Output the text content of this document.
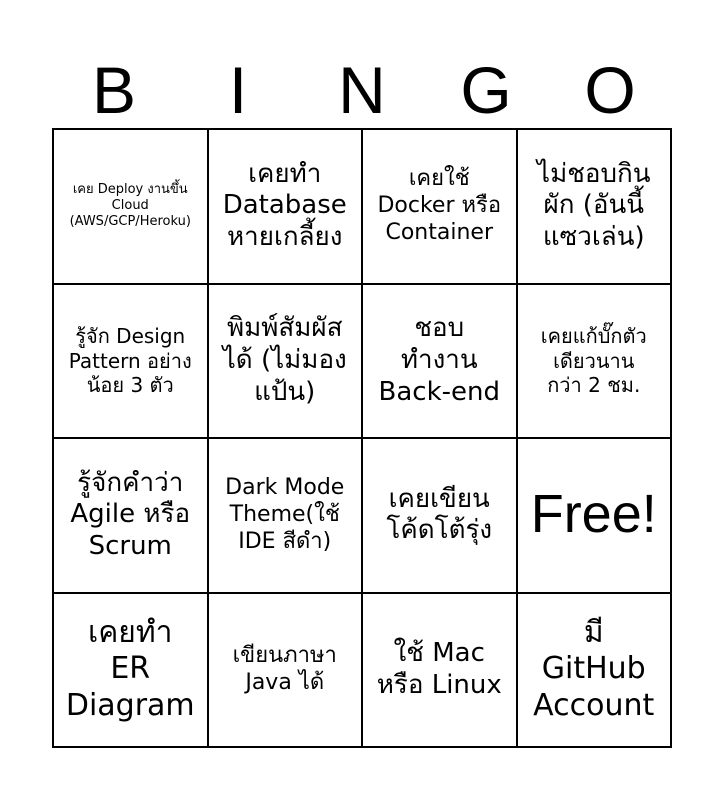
B	I	N	G	O
เคย Deploy งานขึ้น
Cloud
(AWS/GCP/Heroku)
เคยทำ
Database
หายเกลี้ยง
เคยใช้
Docker หรือ
Container
ไม่ชอบกิน
ผัก (อันนี้
แซวเล่น)
รู้จัก Design
Pattern อย่าง
น้อย 3 ตัว
พิมพ์สัมผัส
ได้ (ไม่มอง
แป้น)
ชอบ
ทำงาน
Back-end
เคยแก้บั๊กตัว
เดียวนาน
กว่า 2 ชม.
รู้จักคำว่า
Agile หรือ
Scrum
Dark Mode
Theme(ใช้
IDE สีดำ)
เคยเขียน
โค้ดโต้รุ่ง Free!
เคยทำ
ER
Diagram
เขียนภาษา
Java ได้
ใช้ Mac
หรือ Linux
มี
GitHub
Account
